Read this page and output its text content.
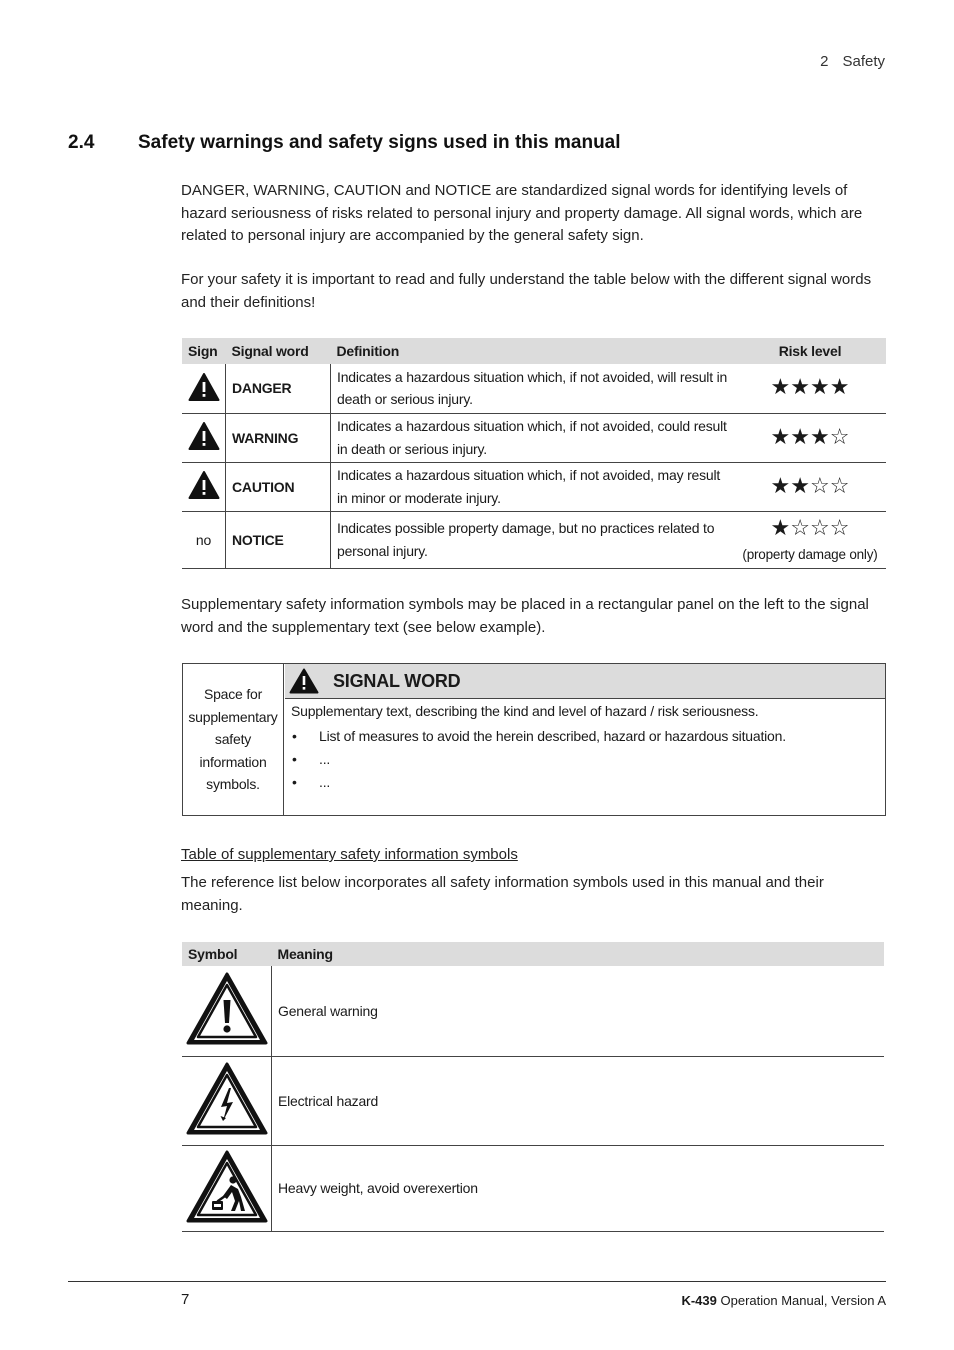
2 Safety
2.4 Safety warnings and safety signs used in this manual
DANGER, WARNING, CAUTION and NOTICE are standardized signal words for identifying levels of hazard seriousness of risks related to personal injury and property damage. All signal words, which are related to personal injury are accompanied by the general safety sign.
For your safety it is important to read and fully understand the table below with the different signal words and their definitions!
Sign	Signal word	Definition	Risk level
	DANGER	Indicates a hazardous situation which, if not avoided, will result in death or serious injury.	★★★★
	WARNING	Indicates a hazardous situation which, if not avoided, could result in death or serious injury.	★★★☆
	CAUTION	Indicates a hazardous situation which, if not avoided, may result in minor or moderate injury.	★★☆☆
no	NOTICE	Indicates possible property damage, but no practices related to personal injury.	★☆☆☆
(property damage only)
Supplementary safety information symbols may be placed in a rectangular panel on the left to the signal word and the supplementary text (see below example).
Space for supplementary safety information symbols.
SIGNAL WORD
Supplementary text, describing the kind and level of hazard / risk seriousness.
• List of measures to avoid the herein described, hazard or hazardous situation.
• ...
• ...
Table of supplementary safety information symbols
The reference list below incorporates all safety information symbols used in this manual and their meaning.
Symbol	Meaning
	General warning
	Electrical hazard
	Heavy weight, avoid overexertion
7	K-439 Operation Manual, Version A
